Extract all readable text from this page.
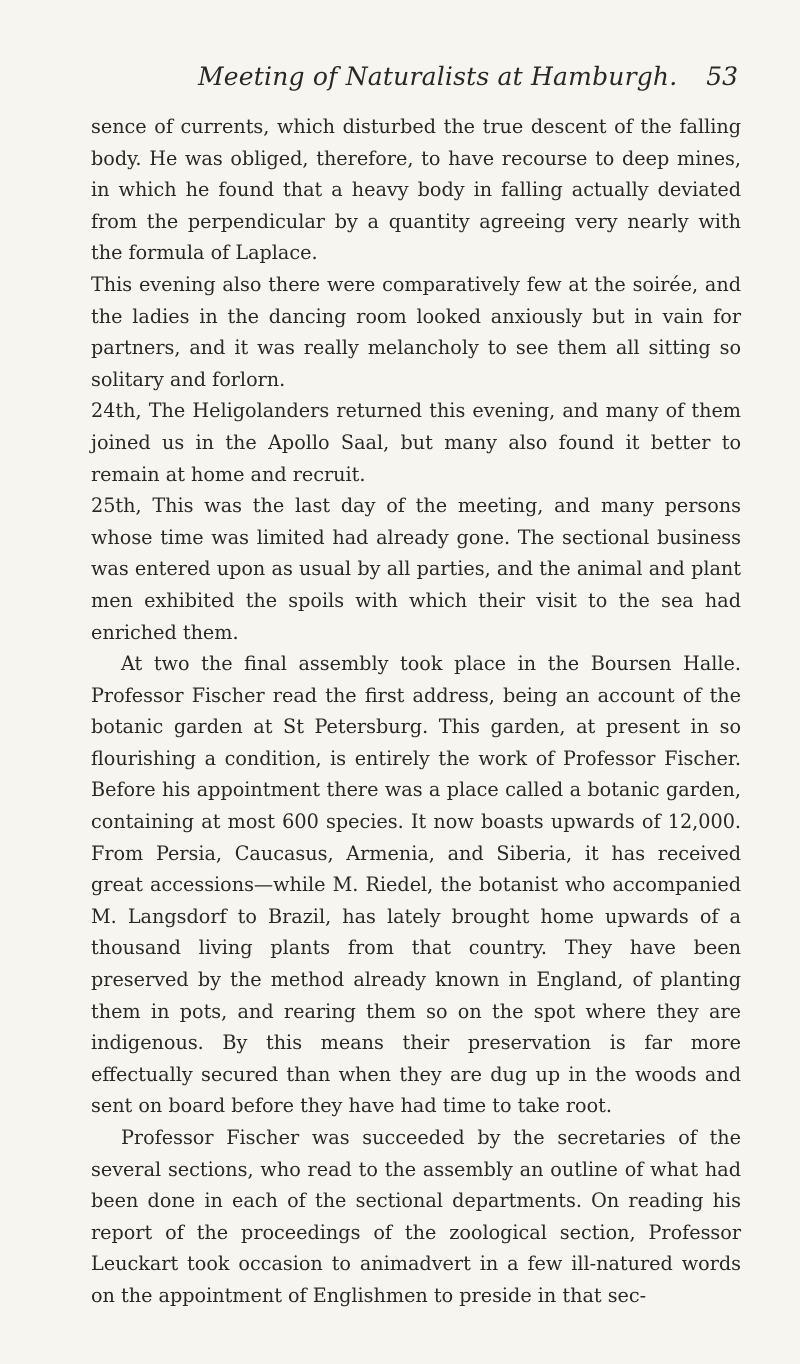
Meeting of Naturalists at Hamburgh. 53

sence of currents, which disturbed the true descent of the falling body. He was obliged, therefore, to have recourse to deep mines, in which he found that a heavy body in falling actually deviated from the perpendicular by a quantity agreeing very nearly with the formula of Laplace.

This evening also there were comparatively few at the soirée, and the ladies in the dancing room looked anxiously but in vain for partners, and it was really melancholy to see them all sitting so solitary and forlorn.

24th, The Heligolanders returned this evening, and many of them joined us in the Apollo Saal, but many also found it better to remain at home and recruit.

25th, This was the last day of the meeting, and many persons whose time was limited had already gone. The sectional business was entered upon as usual by all parties, and the animal and plant men exhibited the spoils with which their visit to the sea had enriched them.

At two the final assembly took place in the Boursen Halle. Professor Fischer read the first address, being an account of the botanic garden at St Petersburg. This garden, at present in so flourishing a condition, is entirely the work of Professor Fischer. Before his appointment there was a place called a botanic garden, containing at most 600 species. It now boasts upwards of 12,000. From Persia, Caucasus, Armenia, and Siberia, it has received great accessions—while M. Riedel, the botanist who accompanied M. Langsdorf to Brazil, has lately brought home upwards of a thousand living plants from that country. They have been preserved by the method already known in England, of planting them in pots, and rearing them so on the spot where they are indigenous. By this means their preservation is far more effectually secured than when they are dug up in the woods and sent on board before they have had time to take root.

Professor Fischer was succeeded by the secretaries of the several sections, who read to the assembly an outline of what had been done in each of the sectional departments. On reading his report of the proceedings of the zoological section, Professor Leuckart took occasion to animadvert in a few ill-natured words on the appointment of Englishmen to preside in that sec-
